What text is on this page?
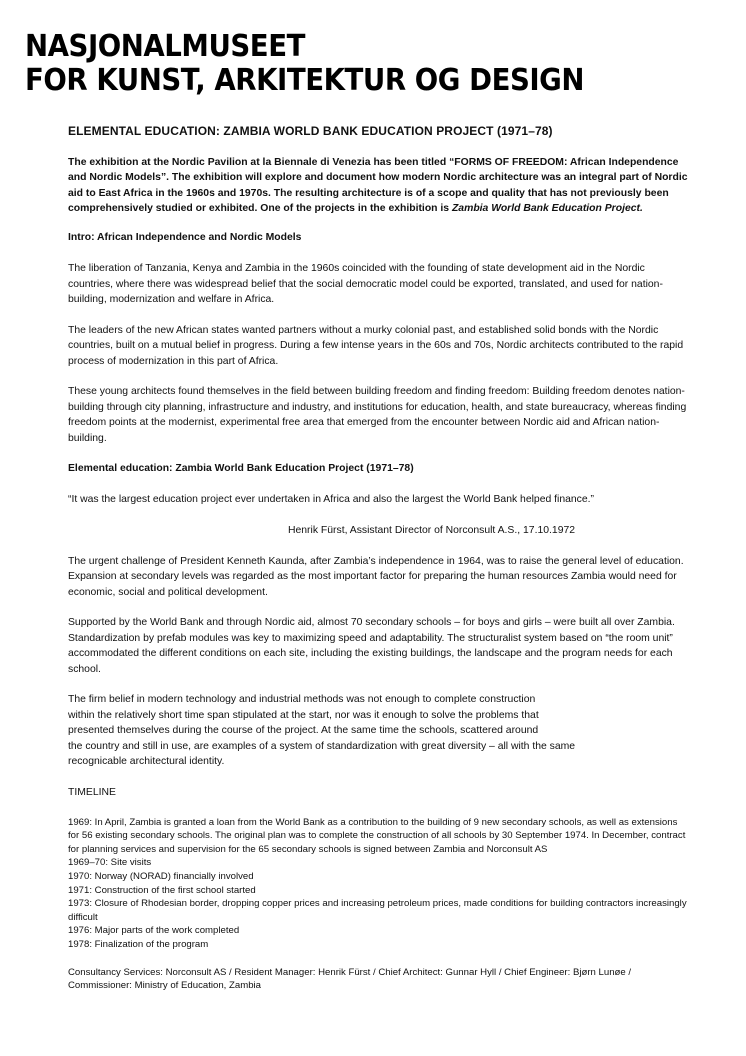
NASJONALMUSEET
FOR KUNST, ARKITEKTUR OG DESIGN

ELEMENTAL EDUCATION: ZAMBIA WORLD BANK EDUCATION PROJECT (1971–78)

The exhibition at the Nordic Pavilion at la Biennale di Venezia has been titled “FORMS OF FREEDOM: African Independence and Nordic Models”. The exhibition will explore and document how modern Nordic architecture was an integral part of Nordic aid to East Africa in the 1960s and 1970s. The resulting architecture is of a scope and quality that has not previously been comprehensively studied or exhibited. One of the projects in the exhibition is Zambia World Bank Education Project.

Intro: African Independence and Nordic Models

The liberation of Tanzania, Kenya and Zambia in the 1960s coincided with the founding of state development aid in the Nordic countries, where there was widespread belief that the social democratic model could be exported, translated, and used for nation-building, modernization and welfare in Africa.

The leaders of the new African states wanted partners without a murky colonial past, and established solid bonds with the Nordic countries, built on a mutual belief in progress. During a few intense years in the 60s and 70s, Nordic architects contributed to the rapid process of modernization in this part of Africa.

These young architects found themselves in the field between building freedom and finding freedom: Building freedom denotes nation-building through city planning, infrastructure and industry, and institutions for education, health, and state bureaucracy, whereas finding freedom points at the modernist, experimental free area that emerged from the encounter between Nordic aid and African nation-building.

Elemental education: Zambia World Bank Education Project (1971–78)

“It was the largest education project ever undertaken in Africa and also the largest the World Bank helped finance.”

Henrik Fürst, Assistant Director of Norconsult A.S., 17.10.1972

The urgent challenge of President Kenneth Kaunda, after Zambia’s independence in 1964, was to raise the general level of education. Expansion at secondary levels was regarded as the most important factor for preparing the human resources Zambia would need for economic, social and political development.

Supported by the World Bank and through Nordic aid, almost 70 secondary schools – for boys and girls – were built all over Zambia. Standardization by prefab modules was key to maximizing speed and adaptability. The structuralist system based on “the room unit” accommodated the different conditions on each site, including the existing buildings, the landscape and the program needs for each school.

The firm belief in modern technology and industrial methods was not enough to complete construction
within the relatively short time span stipulated at the start, nor was it enough to solve the problems that
presented themselves during the course of the project. At the same time the schools, scattered around
the country and still in use, are examples of a system of standardization with great diversity – all with the same
recognicable architectural identity.

TIMELINE

1969: In April, Zambia is granted a loan from the World Bank as a contribution to the building of 9 new secondary schools, as well as extensions for 56 existing secondary schools. The original plan was to complete the construction of all schools by 30 September 1974. In December, contract for planning services and supervision for the 65 secondary schools is signed between Zambia and Norconsult AS
1969–70: Site visits
1970: Norway (NORAD) financially involved
1971: Construction of the first school started
1973: Closure of Rhodesian border, dropping copper prices and increasing petroleum prices, made conditions for building contractors increasingly difficult
1976: Major parts of the work completed
1978: Finalization of the program

Consultancy Services: Norconsult AS / Resident Manager: Henrik Fürst / Chief Architect: Gunnar Hyll / Chief Engineer: Bjørn Lunøe / Commissioner: Ministry of Education, Zambia
